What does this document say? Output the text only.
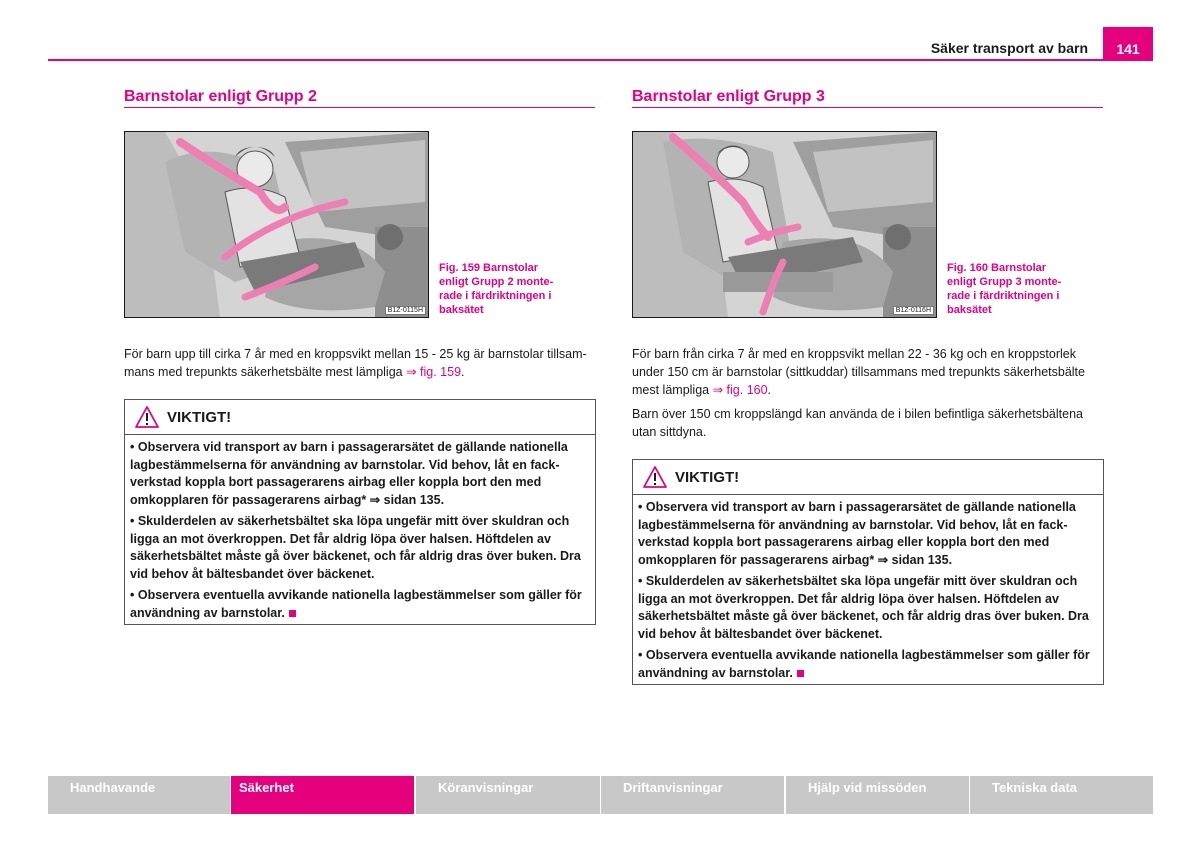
Säker transport av barn	141
Barnstolar enligt Grupp 2
B1Z-0115H
Fig. 159 Barnstolar
enligt Grupp 2 monte-
rade i färdriktningen i
baksätet
För barn upp till cirka 7 år med en kroppsvikt mellan 15 - 25 kg är barnstolar tillsam-
mans med trepunkts säkerhetsbälte mest lämpliga ⇒ fig. 159.
VIKTIGT!

• Observera vid transport av barn i passagerarsätet de gällande nationella lagbestämmelserna för användning av barnstolar. Vid behov, låt en fack-verkstad koppla bort passagerarens airbag eller koppla bort den med omkopplaren för passagerarens airbag* ⇒ sidan 135.

• Skulderdelen av säkerhetsbältet ska löpa ungefär mitt över skuldran och ligga an mot överkroppen. Det får aldrig löpa över halsen. Höftdelen av säkerhetsbältet måste gå över bäckenet, och får aldrig dras över buken. Dra vid behov åt bältesbandet över bäckenet.

• Observera eventuella avvikande nationella lagbestämmelser som gäller för användning av barnstolar.

Barnstolar enligt Grupp 3
B1Z-0116H
Fig. 160 Barnstolar
enligt Grupp 3 monte-
rade i färdriktningen i
baksätet
För barn från cirka 7 år med en kroppsvikt mellan 22 - 36 kg och en kroppstorlek
under 150 cm är barnstolar (sittkuddar) tillsammans med trepunkts säkerhetsbälte
mest lämpliga ⇒ fig. 160.
Barn över 150 cm kroppslängd kan använda de i bilen befintliga säkerhetsbältena
utan sittdyna.
VIKTIGT!

• Observera vid transport av barn i passagerarsätet de gällande nationella lagbestämmelserna för användning av barnstolar. Vid behov, låt en fack-verkstad koppla bort passagerarens airbag eller koppla bort den med omkopplaren för passagerarens airbag* ⇒ sidan 135.

• Skulderdelen av säkerhetsbältet ska löpa ungefär mitt över skuldran och ligga an mot överkroppen. Det får aldrig löpa över halsen. Höftdelen av säkerhetsbältet måste gå över bäckenet, och får aldrig dras över buken. Dra vid behov åt bältesbandet över bäckenet.

• Observera eventuella avvikande nationella lagbestämmelser som gäller för användning av barnstolar.

Handhavande	Säkerhet	Köranvisningar	Driftanvisningar	Hjälp vid missöden	Tekniska data
